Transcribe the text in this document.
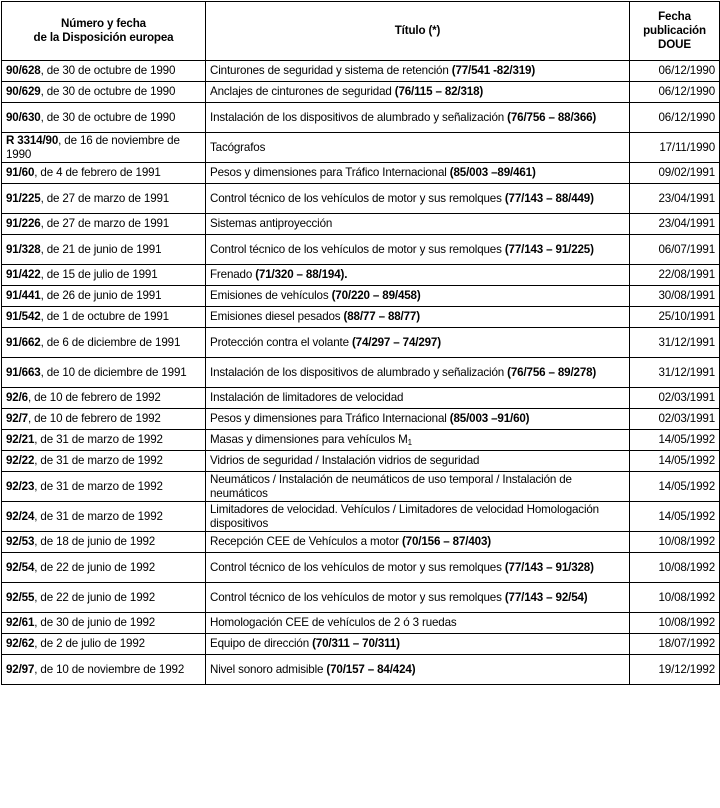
Número y fecha
de la Disposición europea	Título (*)	Fecha
publicación
DOUE
90/628, de 30 de octubre de 1990	Cinturones de seguridad y sistema de retención (77/541 -82/319)	06/12/1990
90/629, de 30 de octubre de 1990	Anclajes de cinturones de seguridad (76/115 – 82/318)	06/12/1990
90/630, de 30 de octubre de 1990	Instalación de los dispositivos de alumbrado y señalización (76/756 – 88/366)	06/12/1990
R 3314/90, de 16 de noviembre de 1990	Tacógrafos	17/11/1990
91/60, de 4 de febrero de 1991	Pesos y dimensiones para Tráfico Internacional (85/003 –89/461)	09/02/1991
91/225, de 27 de marzo de 1991	Control técnico de los vehículos de motor y sus remolques (77/143 – 88/449)	23/04/1991
91/226, de 27 de marzo de 1991	Sistemas antiproyección	23/04/1991
91/328, de 21 de junio de 1991	Control técnico de los vehículos de motor y sus remolques (77/143 – 91/225)	06/07/1991
91/422, de 15 de julio de 1991	Frenado (71/320 – 88/194).	22/08/1991
91/441, de 26 de junio de 1991	Emisiones de vehículos (70/220 – 89/458)	30/08/1991
91/542, de 1 de octubre de 1991	Emisiones diesel pesados (88/77 – 88/77)	25/10/1991
91/662, de 6 de diciembre de 1991	Protección contra el volante (74/297 – 74/297)	31/12/1991
91/663, de 10 de diciembre de 1991	Instalación de los dispositivos de alumbrado y señalización (76/756 – 89/278)	31/12/1991
92/6, de 10 de febrero de 1992	Instalación de limitadores de velocidad	02/03/1991
92/7, de 10 de febrero de 1992	Pesos y dimensiones para Tráfico Internacional (85/003 –91/60)	02/03/1991
92/21, de 31 de marzo de 1992	Masas y dimensiones para vehículos $M_1$	14/05/1992
92/22, de 31 de marzo de 1992	Vidrios de seguridad / Instalación vidrios de seguridad	14/05/1992
92/23, de 31 de marzo de 1992	Neumáticos / Instalación de neumáticos de uso temporal / Instalación de neumáticos	14/05/1992
92/24, de 31 de marzo de 1992	Limitadores de velocidad. Vehículos / Limitadores de velocidad Homologación dispositivos	14/05/1992
92/53, de 18 de junio de 1992	Recepción CEE de Vehículos a motor (70/156 – 87/403)	10/08/1992
92/54, de 22 de junio de 1992	Control técnico de los vehículos de motor y sus remolques (77/143 – 91/328)	10/08/1992
92/55, de 22 de junio de 1992	Control técnico de los vehículos de motor y sus remolques (77/143 – 92/54)	10/08/1992
92/61, de 30 de junio de 1992	Homologación CEE de vehículos de 2 ó 3 ruedas	10/08/1992
92/62, de 2 de julio de 1992	Equipo de dirección (70/311 – 70/311)	18/07/1992
92/97, de 10 de noviembre de 1992	Nivel sonoro admisible (70/157 – 84/424)	19/12/1992
